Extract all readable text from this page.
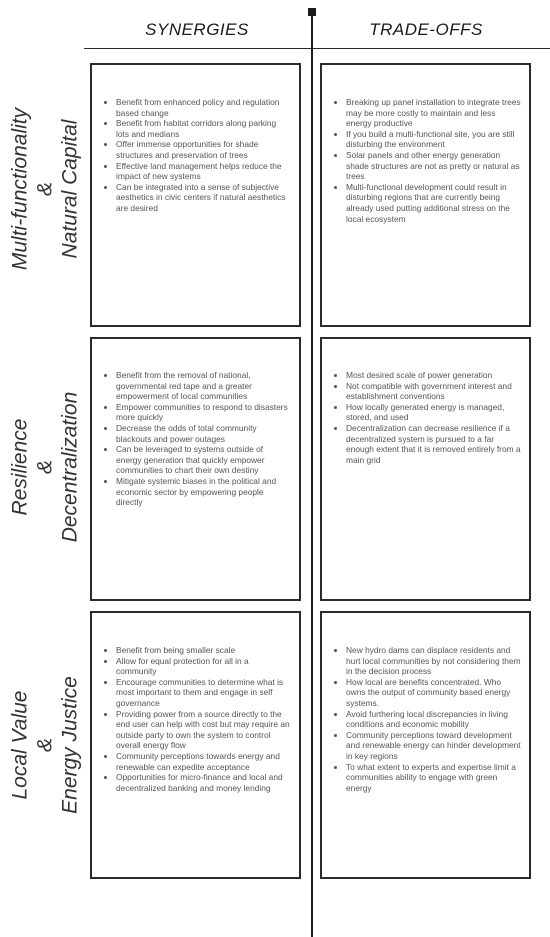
SYNERGIES	TRADE-OFFS
Multi-functionality & Natural Capital
• Benefit from enhanced policy and regulation based change
• Benefit from habitat corridors along parking lots and medians
• Offer immense opportunities for shade structures and preservation of trees
• Effective land management helps reduce the impact of new systems
• Can be integrated into a sense of subjective aesthetics in civic centers if natural aesthetics are desired
• Breaking up panel installation to integrate trees may be more costly to maintain and less energy productive
• If you build a multi-functional site, you are still disturbing the environment
• Solar panels and other energy generation shade structures are not as pretty or natural as trees
• Multi-functional development could result in disturbing regions that are currently being already used putting additional stress on the local ecosystem
Resilience & Decentralization
• Benefit from the removal of national, governmental red tape and a greater empowerment of local communities
• Empower communities to respond to disasters more quickly
• Decrease the odds of total community blackouts and power outages
• Can be leveraged to systems outside of energy generation that quickly empower communities to chart their own destiny
• Mitigate systemic biases in the political and economic sector by empowering people directly
• Most desired scale of power generation
• Not compatible with government interest and establishment conventions
• How locally generated energy is managed, stored, and used
• Decentralization can decrease resilience if a decentralized system is pursued to a far enough extent that it is removed entirely from a main grid
Local Value & Energy Justice
• Benefit from being smaller scale
• Allow for equal protection for all in a community
• Encourage communities to determine what is most important to them and engage in self governance
• Providing power from a source directly to the end user can help with cost but may require an outside party to own the system to control overall energy flow
• Community perceptions towards energy and renewable can expedite acceptance
• Opportunities for micro-finance and local and decentralized banking and money lending
• New hydro dams can displace residents and hurt local communities by not considering them in the decision process
• How local are benefits concentrated. Who owns the output of community based energy systems.
• Avoid furthering local discrepancies in living conditions and economic mobility
• Community perceptions toward development and renewable energy can hinder development in key regions
• To what extent to experts and expertise limit a communities ability to engage with green energy
